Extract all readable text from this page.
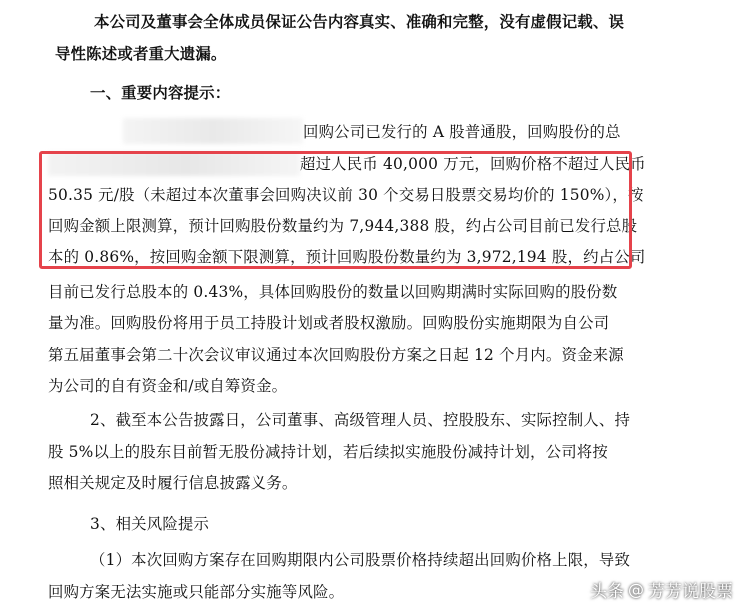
本公司及董事会全体成员保证公告内容真实、准确和完整，没有虚假记载、误
导性陈述或者重大遗漏。
一、重要内容提示：
回购公司已发行的 A 股普通股，回购股份的总
超过人民币 40,000 万元，回购价格不超过人民币
50.35 元/股（未超过本次董事会回购决议前 30 个交易日股票交易均价的 150%），按
回购金额上限测算，预计回购股份数量约为 7,944,388 股，约占公司目前已发行总股
本的 0.86%，按回购金额下限测算，预计回购股份数量约为 3,972,194 股，约占公司
目前已发行总股本的 0.43%，具体回购股份的数量以回购期满时实际回购的股份数
量为准。回购股份将用于员工持股计划或者股权激励。回购股份实施期限为自公司
第五届董事会第二十次会议审议通过本次回购股份方案之日起 12 个月内。资金来源
为公司的自有资金和/或自筹资金。
2、截至本公告披露日，公司董事、高级管理人员、控股股东、实际控制人、持
股 5%以上的股东目前暂无股份减持计划，若后续拟实施股份减持计划，公司将按
照相关规定及时履行信息披露义务。
3、相关风险提示
（1）本次回购方案存在回购期限内公司股票价格持续超出回购价格上限，导致
回购方案无法实施或只能部分实施等风险。	头条 @ 芳芳说股票
